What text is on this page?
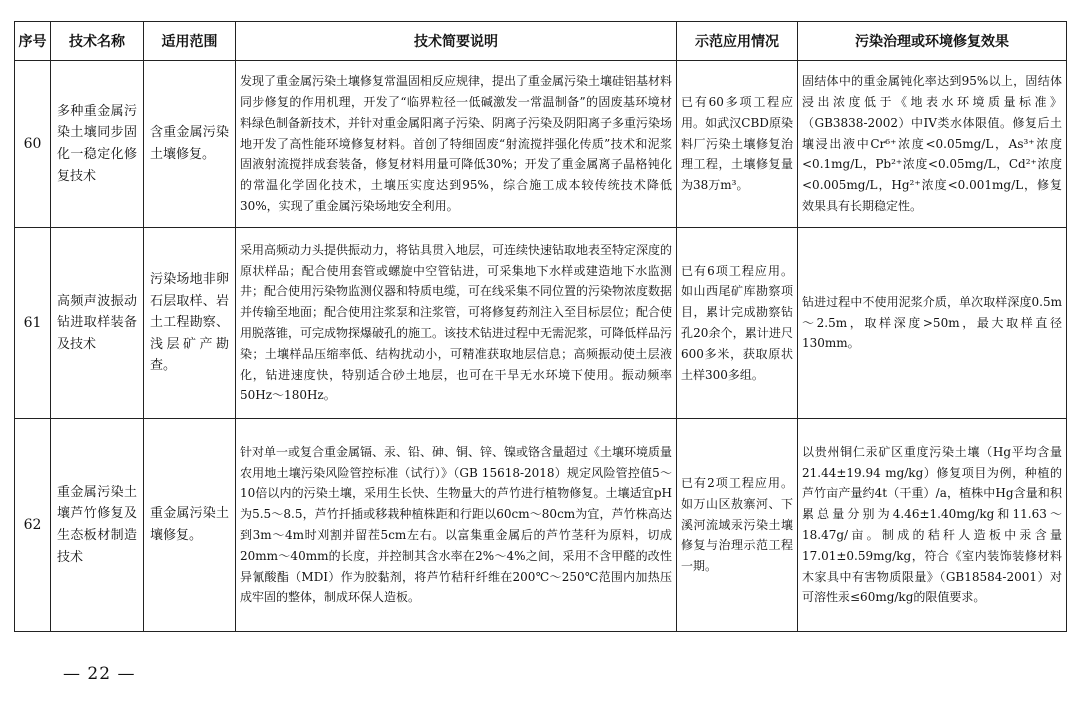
序号	技术名称	适用范围	技术简要说明	示范应用情况	污染治理或环境修复效果
60	多种重金属污染土壤同步固化一稳定化修复技术	含重金属污染土壤修复。	发现了重金属污染土壤修复常温固相反应规律，提出了重金属污染土壤硅铝基材料同步修复的作用机理，开发了“临界粒径一低碱激发一常温制备”的固废基环境材料绿色制备新技术，并针对重金属阳离子污染、阴离子污染及阴阳离子多重污染场地开发了高性能环境修复材料。首创了特细固废“射流搅拌强化传质”技术和泥浆固液射流搅拌成套装备，修复材料用量可降低30%；开发了重金属离子晶格钝化的常温化学固化技术，土壤压实度达到95%，综合施工成本较传统技术降低30%，实现了重金属污染场地安全利用。	已有60多项工程应用。如武汉CBD原染料厂污染土壤修复治理工程，土壤修复量为38万m³。	固结体中的重金属钝化率达到95%以上，固结体浸出浓度低于《地表水环境质量标准》（GB3838-2002）中IV类水体限值。修复后土壤浸出液中Cr⁶⁺浓度<0.05mg/L，As³⁺浓度<0.1mg/L，Pb²⁺浓度<0.05mg/L，Cd²⁺浓度<0.005mg/L，Hg²⁺浓度<0.001mg/L，修复效果具有长期稳定性。
61	高频声波振动钻进取样装备及技术	污染场地非卵石层取样、岩土工程勘察、浅层矿产勘查。	采用高频动力头提供振动力，将钻具贯入地层，可连续快速钻取地表至特定深度的原状样品；配合使用套管或螺旋中空管钻进，可采集地下水样或建造地下水监测井；配合使用污染物监测仪器和特质电缆，可在线采集不同位置的污染物浓度数据并传输至地面；配合使用注浆泵和注浆管，可将修复药剂注入至目标层位；配合使用脱落锥，可完成物探爆破孔的施工。该技术钻进过程中无需泥浆，可降低样品污染；土壤样品压缩率低、结构扰动小，可精准获取地层信息；高频振动使土层液化，钻进速度快，特别适合砂土地层，也可在干旱无水环境下使用。振动频率50Hz～180Hz。	已有6项工程应用。如山西尾矿库勘察项目，累计完成勘察钻孔20余个，累计进尺600多米，获取原状土样300多组。	钻进过程中不使用泥浆介质，单次取样深度0.5m～2.5m，取样深度>50m，最大取样直径130mm。
62	重金属污染土壤芦竹修复及生态板材制造技术	重金属污染土壤修复。	针对单一或复合重金属镉、汞、铅、砷、铜、锌、镍或铬含量超过《土壤环境质量 农用地土壤污染风险管控标准（试行）》（GB 15618-2018）规定风险管控值5～10倍以内的污染土壤，采用生长快、生物量大的芦竹进行植物修复。土壤适宜pH为5.5～8.5，芦竹扦插或移栽种植株距和行距以60cm～80cm为宜，芦竹株高达到3m～4m时刈割并留茬5cm左右。以富集重金属后的芦竹茎秆为原料，切成20mm～40mm的长度，并控制其含水率在2%～4%之间，采用不含甲醛的改性异氰酸酯（MDI）作为胶黏剂，将芦竹秸秆纤维在200℃～250℃范围内加热压成牢固的整体，制成环保人造板。	已有2项工程应用。如万山区敖寨河、下溪河流域汞污染土壤修复与治理示范工程一期。	以贵州铜仁汞矿区重度污染土壤（Hg平均含量21.44±19.94 mg/kg）修复项目为例，种植的芦竹亩产量约4t（干重）/a，植株中Hg含量和积累总量分别为4.46±1.40mg/kg和11.63～18.47g/亩。制成的秸秆人造板中汞含量17.01±0.59mg/kg，符合《室内装饰装修材料木家具中有害物质限量》（GB18584-2001）对可溶性汞≤60mg/kg的限值要求。
— 22 —
